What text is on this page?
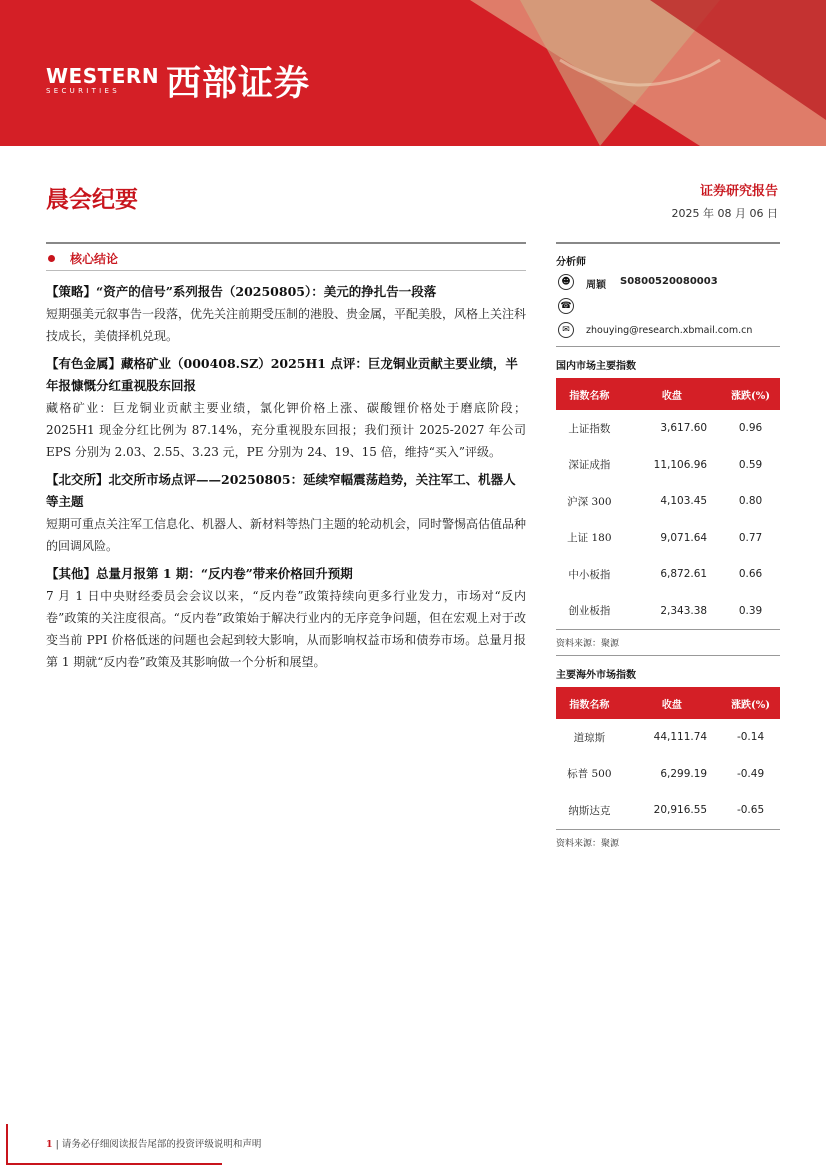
WESTERN
SECURITIES	西部证券
晨会纪要	证券研究报告
2025 年 08 月 06 日
核心结论
【策略】“资产的信号”系列报告（20250805）：美元的挣扎告一段落
短期强美元叙事告一段落，优先关注前期受压制的港股、贵金属，平配美股，风格上关注科技成长，美债择机兑现。
【有色金属】藏格矿业（000408.SZ）2025H1 点评：巨龙铜业贡献主要业绩，半年报慷慨分红重视股东回报
藏格矿业：巨龙铜业贡献主要业绩，氯化钾价格上涨、碳酸锂价格处于磨底阶段；2025H1 现金分红比例为 87.14%，充分重视股东回报；我们预计 2025-2027 年公司 EPS 分别为 2.03、2.55、3.23 元，PE 分别为 24、19、15 倍，维持“买入”评级。
【北交所】北交所市场点评——20250805：延续窄幅震荡趋势，关注军工、机器人等主题
短期可重点关注军工信息化、机器人、新材料等热门主题的轮动机会，同时警惕高估值品种的回调风险。
【其他】总量月报第 1 期：“反内卷”带来价格回升预期
7 月 1 日中央财经委员会会议以来，“反内卷”政策持续向更多行业发力，市场对“反内卷”政策的关注度很高。“反内卷”政策始于解决行业内的无序竞争问题，但在宏观上对于改变当前 PPI 价格低迷的问题也会起到较大影响，从而影响权益市场和债券市场。总量月报第 1 期就“反内卷”政策及其影响做一个分析和展望。
分析师
☻	周颖 S0800520080003
☎
✉	zhouying@research.xbmail.com.cn
国内市场主要指数
指数名称	收盘	涨跌(%)
上证指数	3,617.60	0.96
深证成指	11,106.96	0.59
沪深 300	4,103.45	0.80
上证 180	9,071.64	0.77
中小板指	6,872.61	0.66
创业板指	2,343.38	0.39
资料来源：聚源
主要海外市场指数
指数名称	收盘	涨跌(%)
道琼斯	44,111.74	-0.14
标普 500	6,299.19	-0.49
纳斯达克	20,916.55	-0.65
资料来源：聚源
1 | 请务必仔细阅读报告尾部的投资评级说明和声明
